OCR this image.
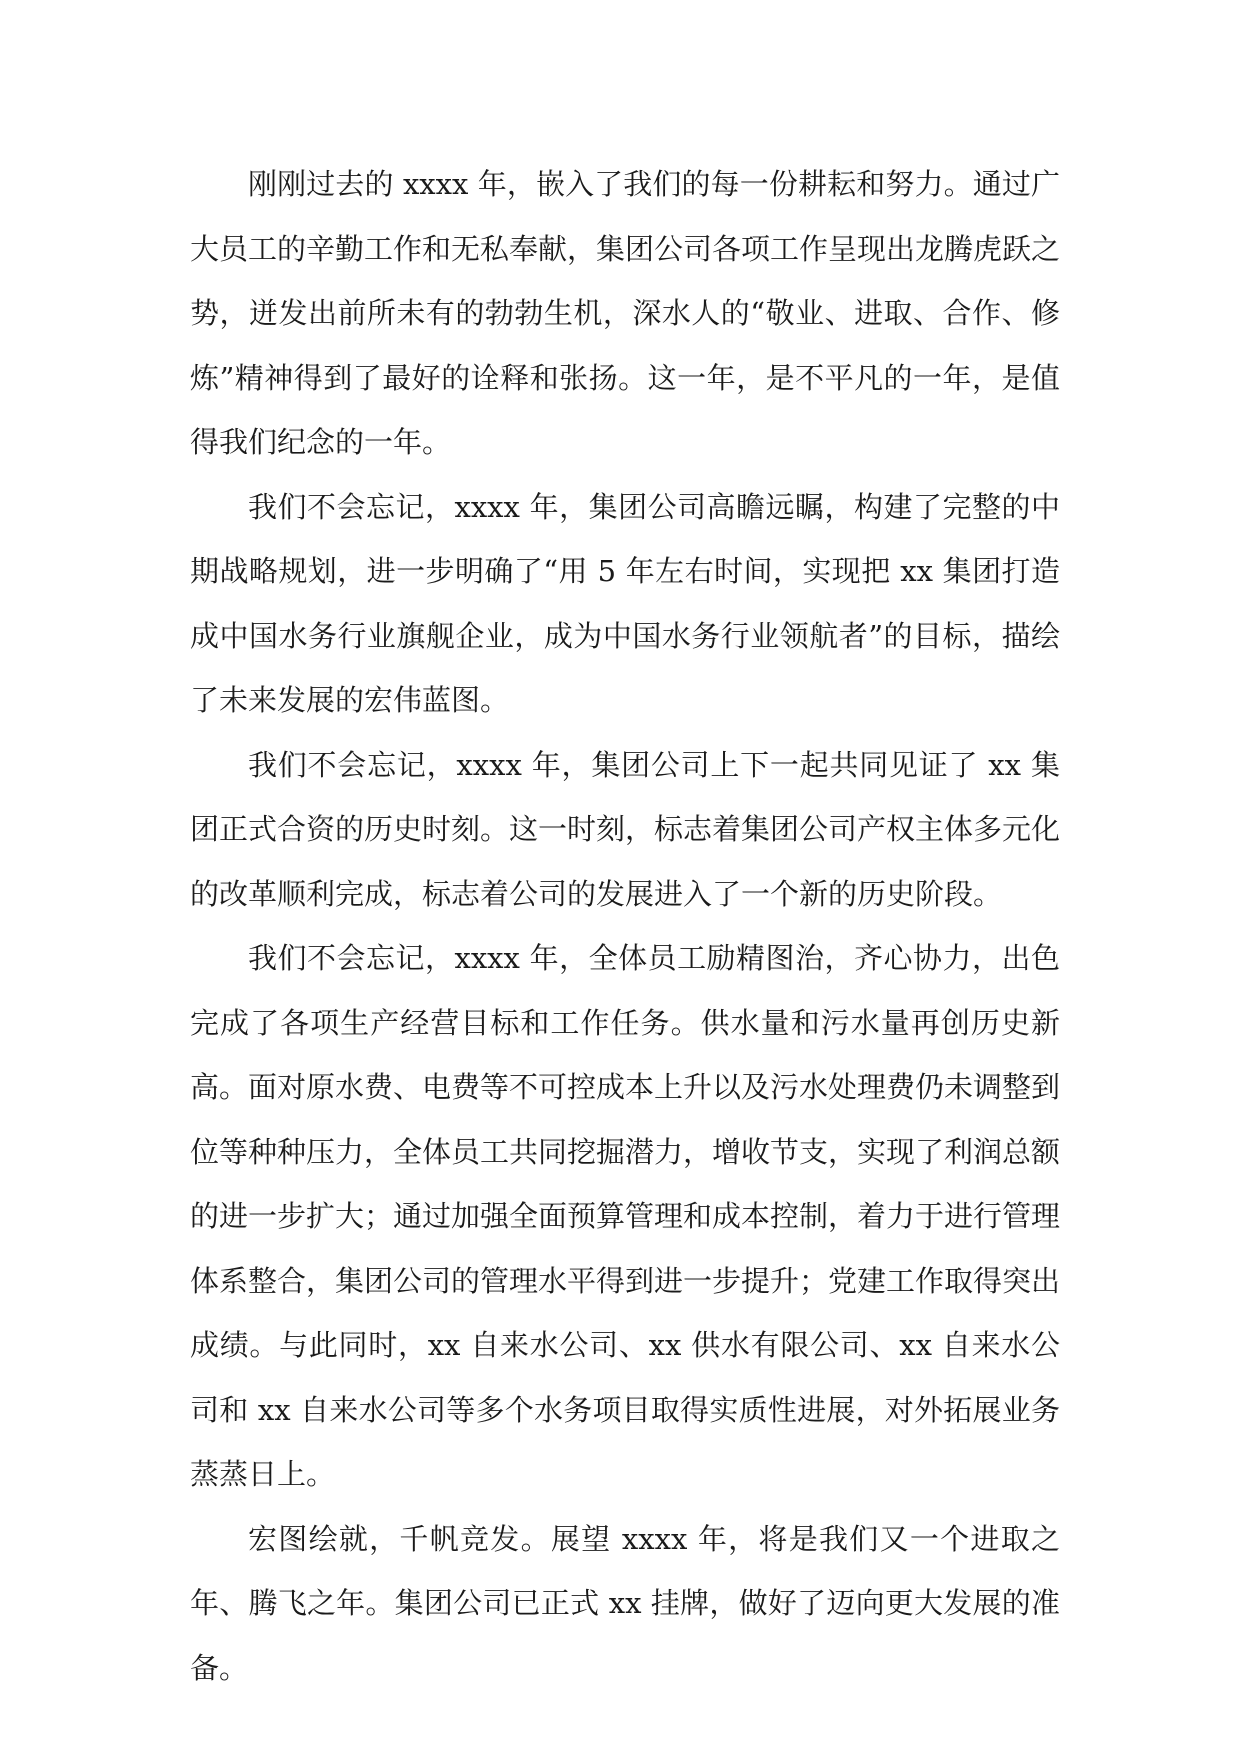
刚刚过去的 xxxx 年，嵌入了我们的每一份耕耘和努力。通过广大员工的辛勤工作和无私奉献，集团公司各项工作呈现出龙腾虎跃之势，迸发出前所未有的勃勃生机，深水人的“敬业、进取、合作、修炼”精神得到了最好的诠释和张扬。这一年，是不平凡的一年，是值得我们纪念的一年。

我们不会忘记，xxxx 年，集团公司高瞻远瞩，构建了完整的中期战略规划，进一步明确了“用 5 年左右时间，实现把 xx 集团打造成中国水务行业旗舰企业，成为中国水务行业领航者”的目标，描绘了未来发展的宏伟蓝图。

我们不会忘记，xxxx 年，集团公司上下一起共同见证了 xx 集团正式合资的历史时刻。这一时刻，标志着集团公司产权主体多元化的改革顺利完成，标志着公司的发展进入了一个新的历史阶段。

我们不会忘记，xxxx 年，全体员工励精图治，齐心协力，出色完成了各项生产经营目标和工作任务。供水量和污水量再创历史新高。面对原水费、电费等不可控成本上升以及污水处理费仍未调整到位等种种压力，全体员工共同挖掘潜力，增收节支，实现了利润总额的进一步扩大；通过加强全面预算管理和成本控制，着力于进行管理体系整合，集团公司的管理水平得到进一步提升；党建工作取得突出成绩。与此同时，xx 自来水公司、xx 供水有限公司、xx 自来水公司和 xx 自来水公司等多个水务项目取得实质性进展，对外拓展业务蒸蒸日上。

宏图绘就，千帆竞发。展望 xxxx 年，将是我们又一个进取之年、腾飞之年。集团公司已正式 xx 挂牌，做好了迈向更大发展的准备。
